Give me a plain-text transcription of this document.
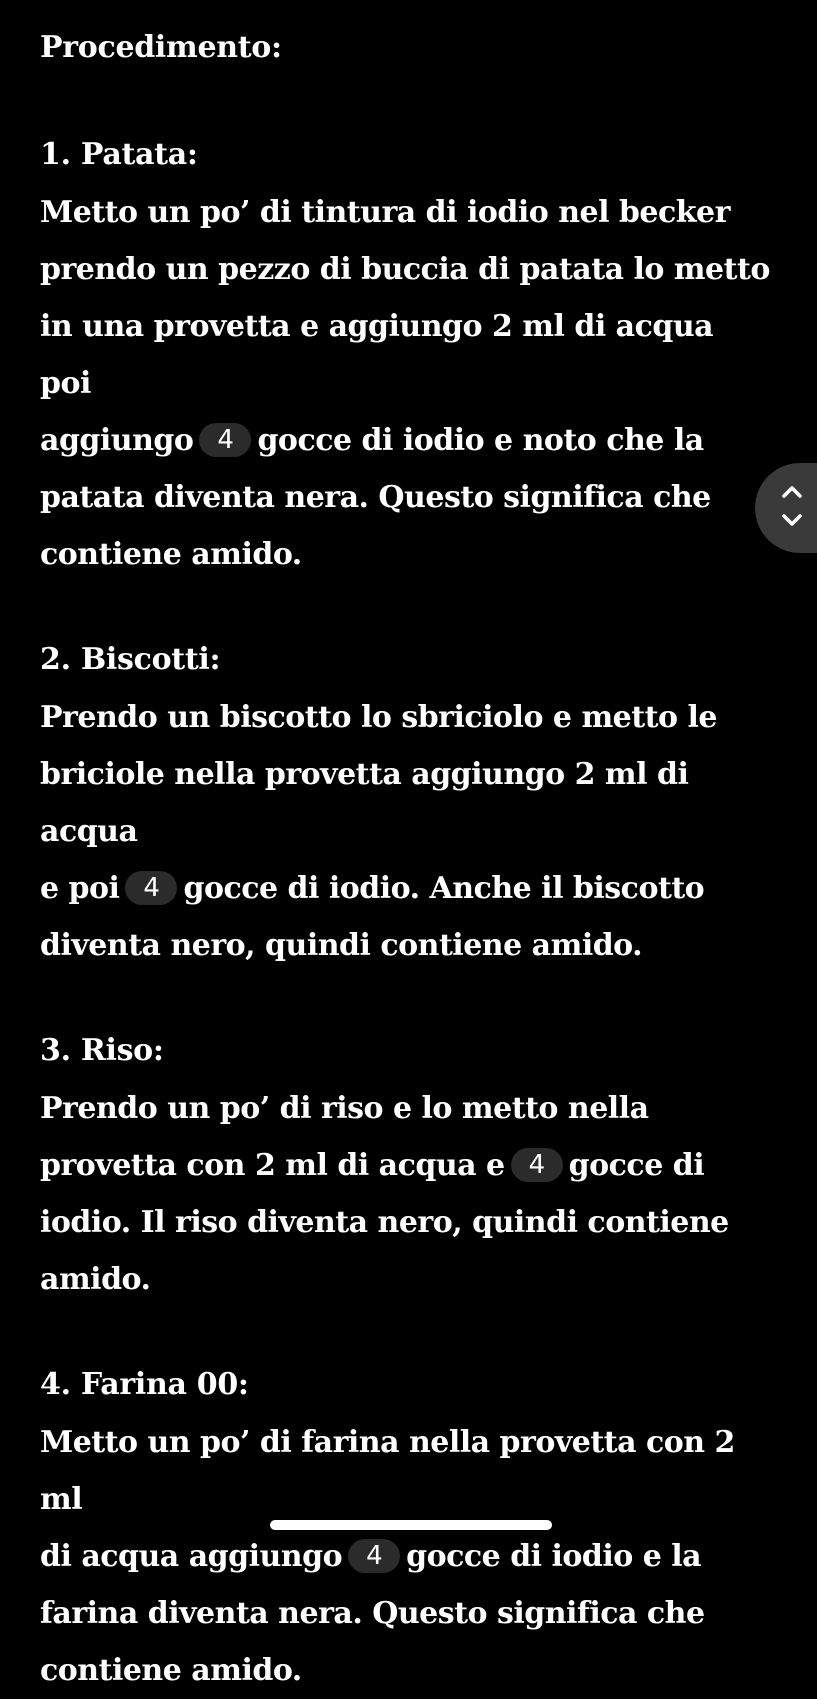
Procedimento:

1. Patata:

Metto un po’ di tintura di iodio nel becker

prendo un pezzo di buccia di patata lo metto

in una provetta e aggiungo 2 ml di acqua poi

aggiungo 4 gocce di iodio e noto che la

patata diventa nera. Questo significa che

contiene amido.

2. Biscotti:

Prendo un biscotto lo sbriciolo e metto le

briciole nella provetta aggiungo 2 ml di acqua

e poi 4 gocce di iodio. Anche il biscotto

diventa nero, quindi contiene amido.

3. Riso:

Prendo un po’ di riso e lo metto nella

provetta con 2 ml di acqua e 4 gocce di

iodio. Il riso diventa nero, quindi contiene

amido.

4. Farina 00:

Metto un po’ di farina nella provetta con 2 ml

di acqua aggiungo 4 gocce di iodio e la

farina diventa nera. Questo significa che

contiene amido.
